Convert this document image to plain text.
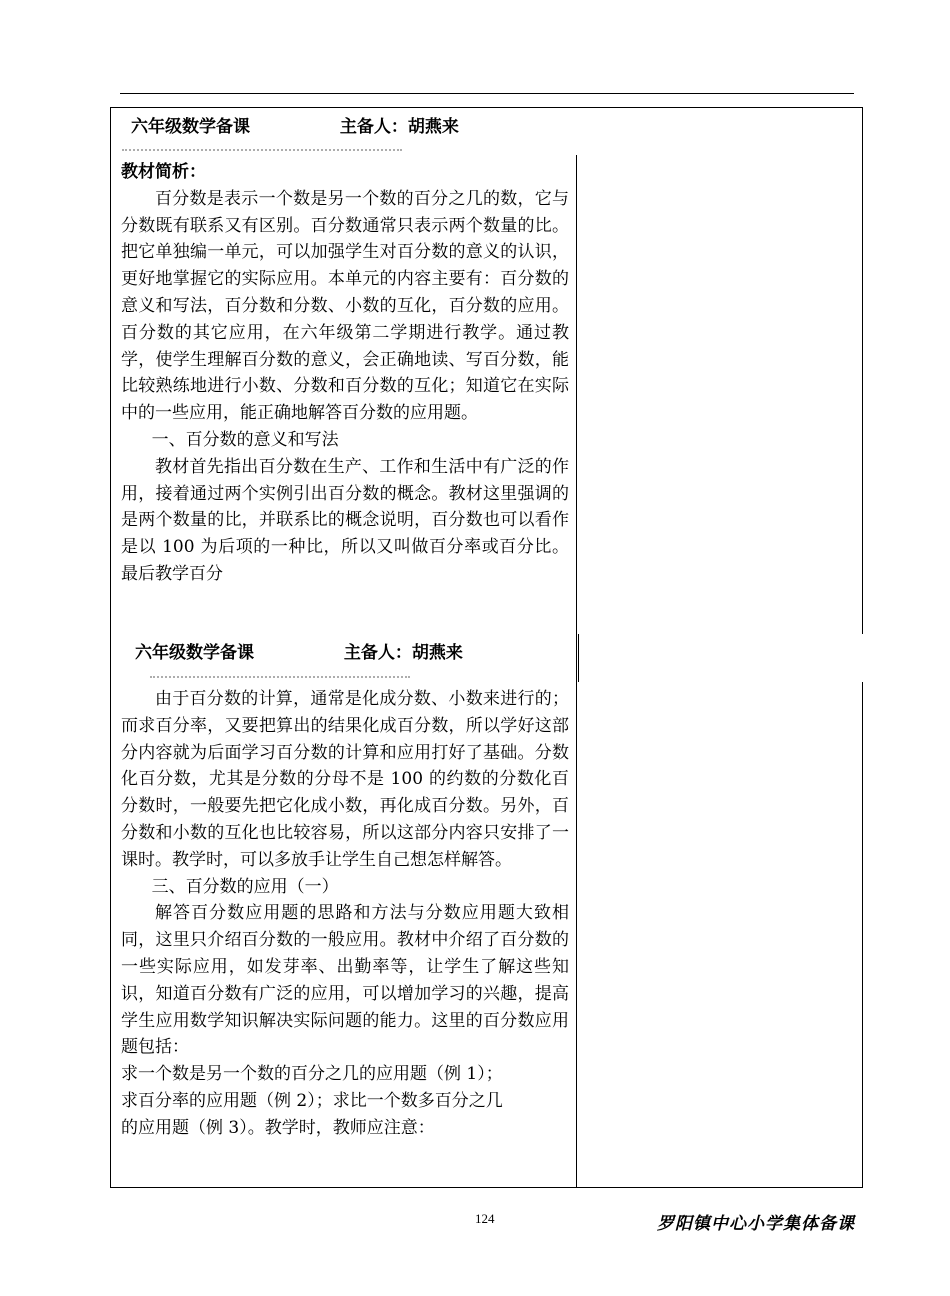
六年级数学备课	主备人：胡燕来

教材简析：

百分数是表示一个数是另一个数的百分之几的数，它与分数既有联系又有区别。百分数通常只表示两个数量的比。把它单独编一单元，可以加强学生对百分数的意义的认识，更好地掌握它的实际应用。本单元的内容主要有：百分数的意义和写法，百分数和分数、小数的互化，百分数的应用。百分数的其它应用，在六年级第二学期进行教学。通过教学，使学生理解百分数的意义，会正确地读、写百分数，能比较熟练地进行小数、分数和百分数的互化；知道它在实际中的一些应用，能正确地解答百分数的应用题。

一、百分数的意义和写法

教材首先指出百分数在生产、工作和生活中有广泛的作用，接着通过两个实例引出百分数的概念。教材这里强调的是两个数量的比，并联系比的概念说明，百分数也可以看作是以 100 为后项的一种比，所以又叫做百分率或百分比。最后教学百分

六年级数学备课	主备人：胡燕来

由于百分数的计算，通常是化成分数、小数来进行的；而求百分率，又要把算出的结果化成百分数，所以学好这部分内容就为后面学习百分数的计算和应用打好了基础。分数化百分数，尤其是分数的分母不是 100 的约数的分数化百分数时，一般要先把它化成小数，再化成百分数。另外，百分数和小数的互化也比较容易，所以这部分内容只安排了一课时。教学时，可以多放手让学生自己想怎样解答。

三、百分数的应用（一）

解答百分数应用题的思路和方法与分数应用题大致相同，这里只介绍百分数的一般应用。教材中介绍了百分数的一些实际应用，如发芽率、出勤率等，让学生了解这些知识，知道百分数有广泛的应用，可以增加学习的兴趣，提高学生应用数学知识解决实际问题的能力。这里的百分数应用题包括：

求一个数是另一个数的百分之几的应用题（例 1）；

求百分率的应用题（例 2）；求比一个数多百分之几

的应用题（例 3）。教学时，教师应注意：

124	罗阳镇中心小学集体备课
